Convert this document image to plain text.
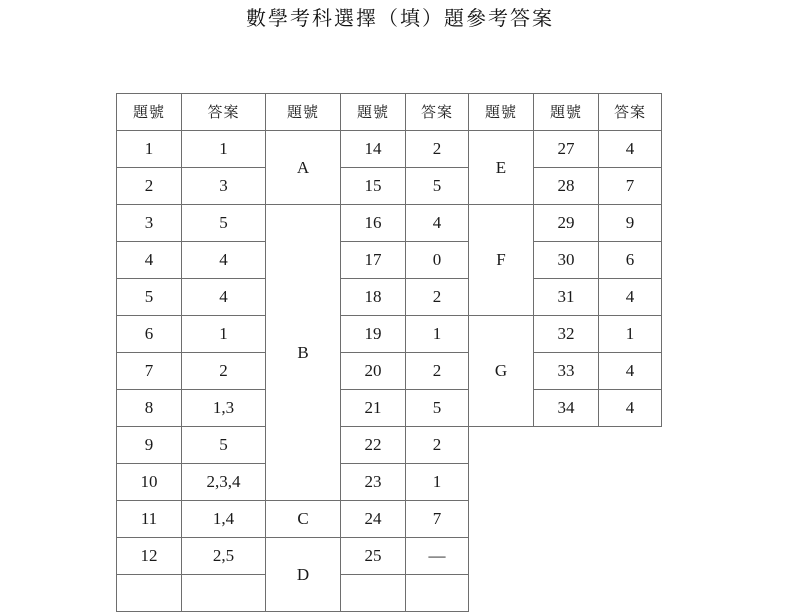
數學考科選擇（填）題參考答案
題號	答案	題號	題號	答案	題號	題號	答案
1	1	A	14	2	E	27	4
2	3		15	5		28	7
3	5	B	16	4	F	29	9
4	4		17	0		30	6
5	4		18	2		31	4
6	1		19	1	G	32	1
7	2		20	2		33	4
8	1,3		21	5		34	4
9	5		22	2			
10	2,3,4		23	1			
11	1,4	C	24	7			
12	2,5	D	25	—			
